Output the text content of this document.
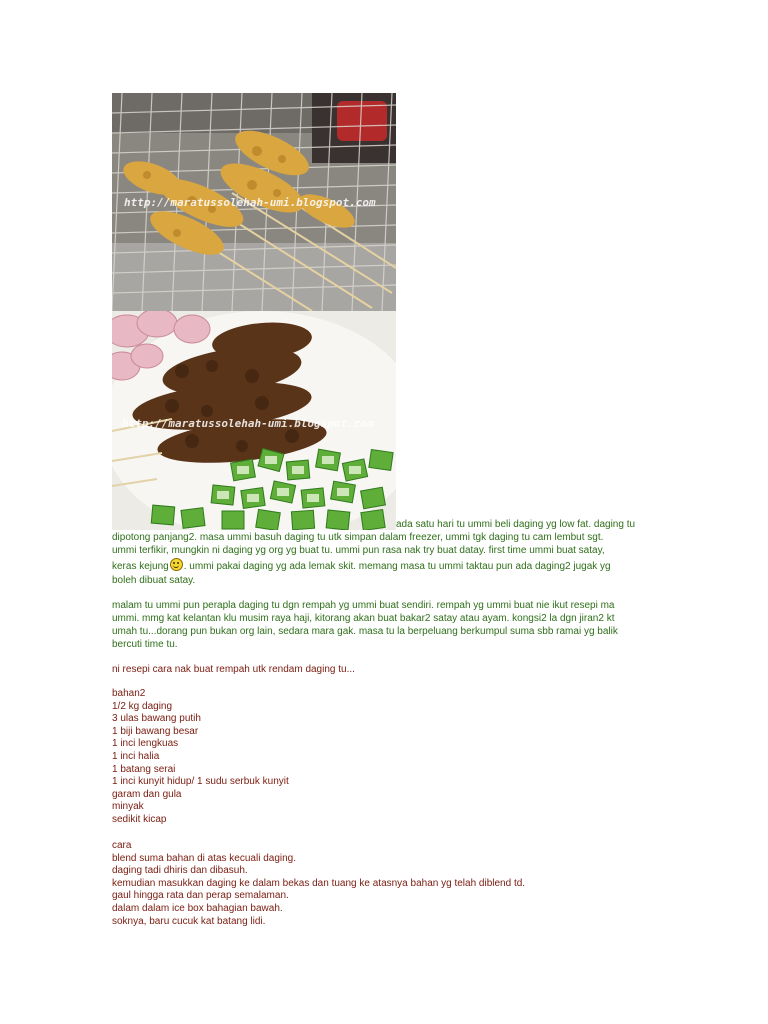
http://maratussolehah-umi.blogspot.com
http://maratussolehah-umi.blogspot.com
ada satu hari tu ummi beli daging yg low fat. daging tu
dipotong panjang2. masa ummi basuh daging tu utk simpan dalam freezer, ummi tgk daging tu cam lembut sgt.
ummi terfikir, mungkin ni daging yg org yg buat tu. ummi pun rasa nak try buat datay. first time ummi buat satay,
keras kejung . ummi pakai daging yg ada lemak skit. memang masa tu ummi taktau pun ada daging2 jugak yg
boleh dibuat satay.
malam tu ummi pun perapla daging tu dgn rempah yg ummi buat sendiri. rempah yg ummi buat nie ikut resepi ma
ummi. mmg kat kelantan klu musim raya haji, kitorang akan buat bakar2 satay atau ayam. kongsi2 la dgn jiran2 kt
umah tu...dorang pun bukan org lain, sedara mara gak. masa tu la berpeluang berkumpul suma sbb ramai yg balik
bercuti time tu.
ni resepi cara nak buat rempah utk rendam daging tu...
bahan2
1/2 kg daging
3 ulas bawang putih
1 biji bawang besar
1 inci lengkuas
1 inci halia
1 batang serai
1 inci kunyit hidup/ 1 sudu serbuk kunyit
garam dan gula
minyak
sedikit kicap
cara
blend suma bahan di atas kecuali daging.
daging tadi dhiris dan dibasuh.
kemudian masukkan daging ke dalam bekas dan tuang ke atasnya bahan yg telah diblend td.
gaul hingga rata dan perap semalaman.
dalam dalam ice box bahagian bawah.
soknya, baru cucuk kat batang lidi.
